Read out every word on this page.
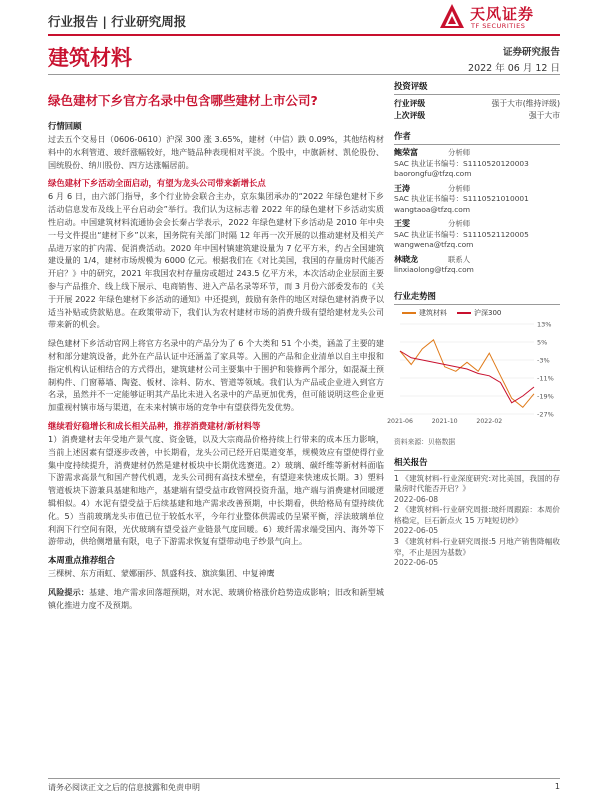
行业报告 | 行业研究周报	天风证券
TF SECURITIES
建筑材料	证券研究报告
2022 年 06 月 12 日
绿色建材下乡官方名录中包含哪些建材上市公司?
行情回顾

过去五个交易日（0606-0610）沪深 300 涨 3.65%，建材（中信）跌 0.09%，其他结构材料中的水利管道、玻纤涨幅较好，地产链品种表现相对平淡。个股中，中旗新材、凯伦股份、国统股份、纳川股份、四方达涨幅居前。

绿色建材下乡活动全面启动，有望为龙头公司带来新增长点

6 月 6 日，由六部门指导，多个行业协会联合主办，京东集团承办的“2022 年绿色建材下乡活动信息发布及线上平台启动会”举行。我们认为这标志着 2022 年的绿色建材下乡活动实质性启动。中国建筑材料流通协会会长秦占学表示，2022 年绿色建材下乡活动是 2010 年中央一号文件提出“建材下乡”以来，国务院有关部门时隔 12 年再一次开展的以推动建材及相关产品进万家的扩内需、促消费活动。2020 年中国村镇建筑建设量为 7 亿平方米，约占全国建筑建设量的 1/4，建材市场规模为 6000 亿元。根据我们在《对比美国，我国的存量房时代能否开启？》中的研究，2021 年我国农村存量房或超过 243.5 亿平方米，本次活动企业层面主要参与产品推介、线上线下展示、电商销售、进入产品名录等环节，而 3 月份六部委发布的《关于开展 2022 年绿色建材下乡活动的通知》中还提到，鼓励有条件的地区对绿色建材消费予以适当补贴或贷款贴息。在政策带动下，我们认为农村建材市场的消费升级有望给建材龙头公司带来新的机会。

绿色建材下乡活动官网上将官方名录中的产品分为了 6 个大类和 51 个小类，涵盖了主要的建材和部分建筑设备，此外在产品认证中还涵盖了家具等。入围的产品和企业清单以自主申报和指定机构认证相结合的方式得出，建筑建材公司主要集中于围护和装修两个部分，如混凝土预制构件、门窗幕墙、陶瓷、板材、涂料、防水、管道等领域。我们认为产品或企业进入到官方名录，虽然并不一定能够证明其产品比未进入名录中的产品更加优秀，但可能说明这些企业更加重视村镇市场与渠道，在未来村镇市场的竞争中有望获得先发优势。

继续看好稳增长和成长相关品种，推荐消费建材/新材料等

1）消费建材去年受地产景气度、资金链，以及大宗商品价格持续上行带来的成本压力影响，当前上述因素有望逐步改善，中长期看，龙头公司已经开启渠道变革，规模效应有望使得行业集中度持续提升，消费建材仍然是建材板块中长期优选赛道。2）玻璃、碳纤维等新材料面临下游需求高景气和国产替代机遇，龙头公司拥有高技术壁垒，有望迎来快速成长期。3）塑料管道板块下游兼具基建和地产，基建端有望受益市政管网投资升温，地产端与消费建材回暖逻辑相似。4）水泥有望受益于后续基建和地产需求改善预期，中长期看，供给格局有望持续优化。5）当前玻璃龙头市值已位于较低水平，今年行业整体供需或仍呈紧平衡，浮法玻璃单位利润下行空间有限，光伏玻璃有望受益产业链景气度回暖。6）玻纤需求端受国内、海外等下游带动，供给侧增量有限，电子下游需求恢复有望带动电子纱景气向上。

本周重点推荐组合

三棵树、东方雨虹、蒙娜丽莎、凯盛科技、旗滨集团、中复神鹰

风险提示：基建、地产需求回落超预期，对水泥、玻璃价格涨价趋势造成影响；旧改和新型城镇化推进力度不及预期。

投资评级
行业评级	强于大市(维持评级)
上次评级	强于大市
作者
鲍荣富	分析师
SAC 执业证书编号：S1110520120003
baorongfu@tfzq.com
王涛	分析师
SAC 执业证书编号：S1110521010001
wangtaoa@tfzq.com
王雯	分析师
SAC 执业证书编号：S1110521120005
wangwena@tfzq.com
林晓龙	联系人
linxiaolong@tfzq.com
行业走势图
建筑材料	沪深300
13%
5%
-3%
-11%
-19%
-27%
2021-06	2021-10	2022-02
资料来源：贝格数据
相关报告
1 《建筑材料-行业深度研究:对比美国，我国的存量房时代能否开启？》
2022-06-08
2 《建筑材料-行业研究周报:玻纤周跟踪：本周价格稳定，巨石新点火 15 万吨短切纱》
2022-06-05
3 《建筑材料-行业研究周报:5 月地产销售降幅收窄，不止是因为基数》
2022-06-05
请务必阅读正文之后的信息披露和免责申明	1
